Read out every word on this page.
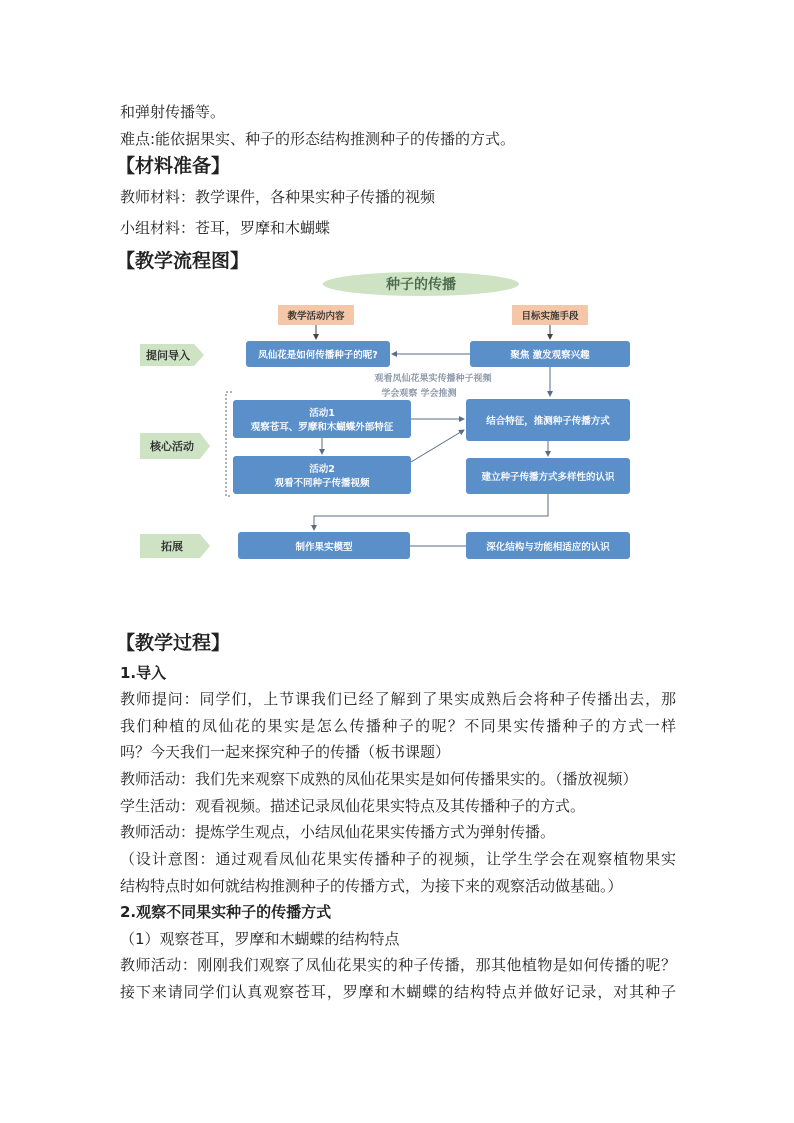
和弹射传播等。
难点:能依据果实、种子的形态结构推测种子的传播的方式。
【材料准备】
教师材料：教学课件，各种果实种子传播的视频
小组材料：苍耳，罗摩和木蝴蝶
【教学流程图】
种子的传播
教学活动内容	目标实施手段
提问导入
核心活动
拓展
凤仙花是如何传播种子的呢?	聚焦 激发观察兴趣
观看凤仙花果实传播种子视频
学会观察 学会推测
活动1
观察苍耳、罗摩和木蝴蝶外部特征
活动2
观看不同种子传播视频
结合特征，推测种子传播方式
建立种子传播方式多样性的认识
制作果实模型	深化结构与功能相适应的认识
【教学过程】
1.导入
教师提问：同学们，上节课我们已经了解到了果实成熟后会将种子传播出去，那
我们种植的凤仙花的果实是怎么传播种子的呢？不同果实传播种子的方式一样
吗？今天我们一起来探究种子的传播（板书课题）
教师活动：我们先来观察下成熟的凤仙花果实是如何传播果实的。（播放视频）
学生活动：观看视频。描述记录凤仙花果实特点及其传播种子的方式。
教师活动：提炼学生观点，小结凤仙花果实传播方式为弹射传播。
（设计意图：通过观看凤仙花果实传播种子的视频，让学生学会在观察植物果实
结构特点时如何就结构推测种子的传播方式，为接下来的观察活动做基础。）
2.观察不同果实种子的传播方式
（1）观察苍耳，罗摩和木蝴蝶的结构特点
教师活动：刚刚我们观察了凤仙花果实的种子传播，那其他植物是如何传播的呢？
接下来请同学们认真观察苍耳，罗摩和木蝴蝶的结构特点并做好记录，对其种子
